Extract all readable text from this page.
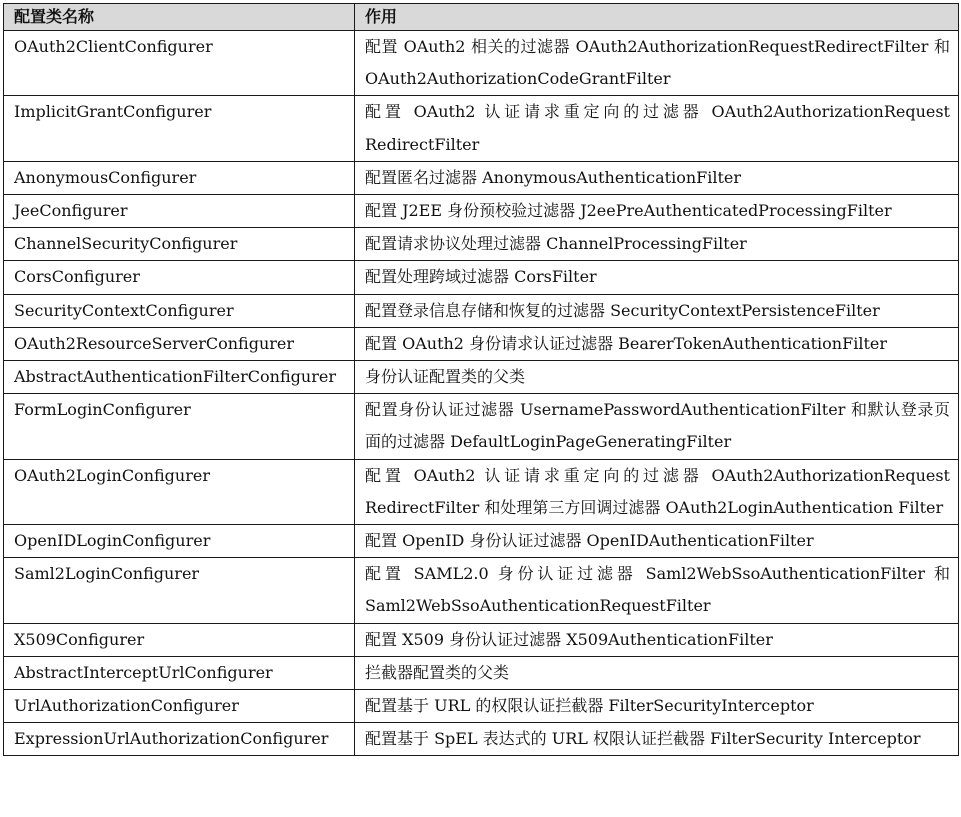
配置类名称	作用
OAuth2ClientConfigurer	配置 OAuth2 相关的过滤器 OAuth2AuthorizationRequestRedirectFilter 和 OAuth2AuthorizationCodeGrantFilter
ImplicitGrantConfigurer	配置 OAuth2 认证请求重定向的过滤器 OAuth2AuthorizationRequest RedirectFilter
AnonymousConfigurer	配置匿名过滤器 AnonymousAuthenticationFilter
JeeConfigurer	配置 J2EE 身份预校验过滤器 J2eePreAuthenticatedProcessingFilter
ChannelSecurityConfigurer	配置请求协议处理过滤器 ChannelProcessingFilter
CorsConfigurer	配置处理跨域过滤器 CorsFilter
SecurityContextConfigurer	配置登录信息存储和恢复的过滤器 SecurityContextPersistenceFilter
OAuth2ResourceServerConfigurer	配置 OAuth2 身份请求认证过滤器 BearerTokenAuthenticationFilter
AbstractAuthenticationFilterConfigurer	身份认证配置类的父类
FormLoginConfigurer	配置身份认证过滤器 UsernamePasswordAuthenticationFilter 和默认登录页面的过滤器 DefaultLoginPageGeneratingFilter
OAuth2LoginConfigurer	配置 OAuth2 认证请求重定向的过滤器 OAuth2AuthorizationRequest RedirectFilter 和处理第三方回调过滤器 OAuth2LoginAuthentication Filter
OpenIDLoginConfigurer	配置 OpenID 身份认证过滤器 OpenIDAuthenticationFilter
Saml2LoginConfigurer	配置 SAML2.0 身份认证过滤器 Saml2WebSsoAuthenticationFilter 和 Saml2WebSsoAuthenticationRequestFilter
X509Configurer	配置 X509 身份认证过滤器 X509AuthenticationFilter
AbstractInterceptUrlConfigurer	拦截器配置类的父类
UrlAuthorizationConfigurer	配置基于 URL 的权限认证拦截器 FilterSecurityInterceptor
ExpressionUrlAuthorizationConfigurer	配置基于 SpEL 表达式的 URL 权限认证拦截器 FilterSecurity Interceptor
